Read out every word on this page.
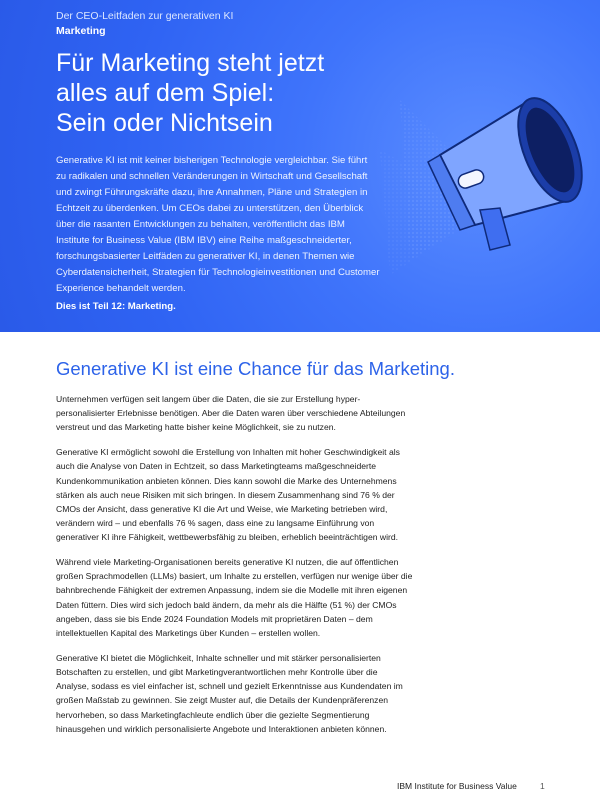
Der CEO-Leitfaden zur generativen KI
Marketing
Für Marketing steht jetzt
alles auf dem Spiel:
Sein oder Nichtsein
Generative KI ist mit keiner bisherigen Technologie vergleichbar. Sie führt
zu radikalen und schnellen Veränderungen in Wirtschaft und Gesellschaft
und zwingt Führungskräfte dazu, ihre Annahmen, Pläne und Strategien in
Echtzeit zu überdenken. Um CEOs dabei zu unterstützen, den Überblick
über die rasanten Entwicklungen zu behalten, veröffentlicht das IBM
Institute for Business Value (IBM IBV) eine Reihe maßgeschneiderter,
forschungsbasierter Leitfäden zu generativer KI, in denen Themen wie
Cyberdatensicherheit, Strategien für Technologieinvestitionen und Customer
Experience behandelt werden.
Dies ist Teil 12: Marketing.
Generative KI ist eine Chance für das Marketing.

Unternehmen verfügen seit langem über die Daten, die sie zur Erstellung hyper-
personalisierter Erlebnisse benötigen. Aber die Daten waren über verschiedene Abteilungen
verstreut und das Marketing hatte bisher keine Möglichkeit, sie zu nutzen.

Generative KI ermöglicht sowohl die Erstellung von Inhalten mit hoher Geschwindigkeit als
auch die Analyse von Daten in Echtzeit, so dass Marketingteams maßgeschneiderte
Kundenkommunikation anbieten können. Dies kann sowohl die Marke des Unternehmens
stärken als auch neue Risiken mit sich bringen. In diesem Zusammenhang sind 76 % der
CMOs der Ansicht, dass generative KI die Art und Weise, wie Marketing betrieben wird,
verändern wird – und ebenfalls 76 % sagen, dass eine zu langsame Einführung von
generativer KI ihre Fähigkeit, wettbewerbsfähig zu bleiben, erheblich beeinträchtigen wird.

Während viele Marketing-Organisationen bereits generative KI nutzen, die auf öffentlichen
großen Sprachmodellen (LLMs) basiert, um Inhalte zu erstellen, verfügen nur wenige über die
bahnbrechende Fähigkeit der extremen Anpassung, indem sie die Modelle mit ihren eigenen
Daten füttern. Dies wird sich jedoch bald ändern, da mehr als die Hälfte (51 %) der CMOs
angeben, dass sie bis Ende 2024 Foundation Models mit proprietären Daten – dem
intellektuellen Kapital des Marketings über Kunden – erstellen wollen.

Generative KI bietet die Möglichkeit, Inhalte schneller und mit stärker personalisierten
Botschaften zu erstellen, und gibt Marketingverantwortlichen mehr Kontrolle über die
Analyse, sodass es viel einfacher ist, schnell und gezielt Erkenntnisse aus Kundendaten im
großen Maßstab zu gewinnen. Sie zeigt Muster auf, die Details der Kundenpräferenzen
hervorheben, so dass Marketingfachleute endlich über die gezielte Segmentierung
hinausgehen und wirklich personalisierte Angebote und Interaktionen anbieten können.

IBM Institute for Business Value	1
